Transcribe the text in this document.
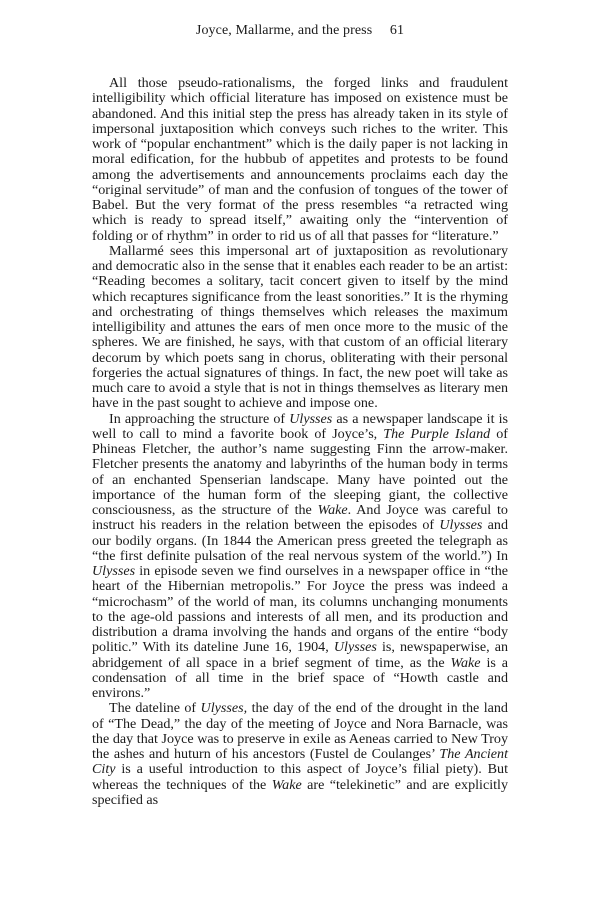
Joyce, Mallarme, and the press 61

All those pseudo-rationalisms, the forged links and fraudulent intelligibility which official literature has imposed on existence must be abandoned. And this initial step the press has already taken in its style of impersonal juxtaposition which conveys such riches to the writer. This work of “popular enchantment” which is the daily paper is not lacking in moral edification, for the hubbub of appetites and protests to be found among the advertisements and announcements proclaims each day the “original servitude” of man and the confusion of tongues of the tower of Babel. But the very format of the press resembles “a retracted wing which is ready to spread itself,” awaiting only the “intervention of folding or of rhythm” in order to rid us of all that passes for “literature.”

Mallarmé sees this impersonal art of juxtaposition as revolutionary and democratic also in the sense that it enables each reader to be an artist: “Reading becomes a solitary, tacit concert given to itself by the mind which recaptures significance from the least sonorities.” It is the rhyming and orchestrating of things themselves which releases the maximum intelligibility and attunes the ears of men once more to the music of the spheres. We are finished, he says, with that custom of an official literary decorum by which poets sang in chorus, obliterating with their personal forgeries the actual signatures of things. In fact, the new poet will take as much care to avoid a style that is not in things themselves as literary men have in the past sought to achieve and impose one.

In approaching the structure of Ulysses as a newspaper landscape it is well to call to mind a favorite book of Joyce’s, The Purple Island of Phineas Fletcher, the author’s name suggesting Finn the arrow-maker. Fletcher presents the anatomy and labyrinths of the human body in terms of an enchanted Spenserian landscape. Many have pointed out the importance of the human form of the sleeping giant, the collective consciousness, as the structure of the Wake. And Joyce was careful to instruct his readers in the relation between the episodes of Ulysses and our bodily organs. (In 1844 the American press greeted the telegraph as “the first definite pulsation of the real nervous system of the world.”) In Ulysses in episode seven we find ourselves in a newspaper office in “the heart of the Hibernian metropolis.” For Joyce the press was indeed a “microchasm” of the world of man, its columns unchanging monuments to the age-old passions and interests of all men, and its production and distribution a drama involving the hands and organs of the entire “body politic.” With its dateline June 16, 1904, Ulysses is, newspaperwise, an abridgement of all space in a brief segment of time, as the Wake is a condensation of all time in the brief space of “Howth castle and environs.”

The dateline of Ulysses, the day of the end of the drought in the land of “The Dead,” the day of the meeting of Joyce and Nora Barnacle, was the day that Joyce was to preserve in exile as Aeneas carried to New Troy the ashes and huturn of his ancestors (Fustel de Coulanges’ The Ancient City is a useful introduction to this aspect of Joyce’s filial piety). But whereas the techniques of the Wake are “telekinetic” and are explicitly specified as
